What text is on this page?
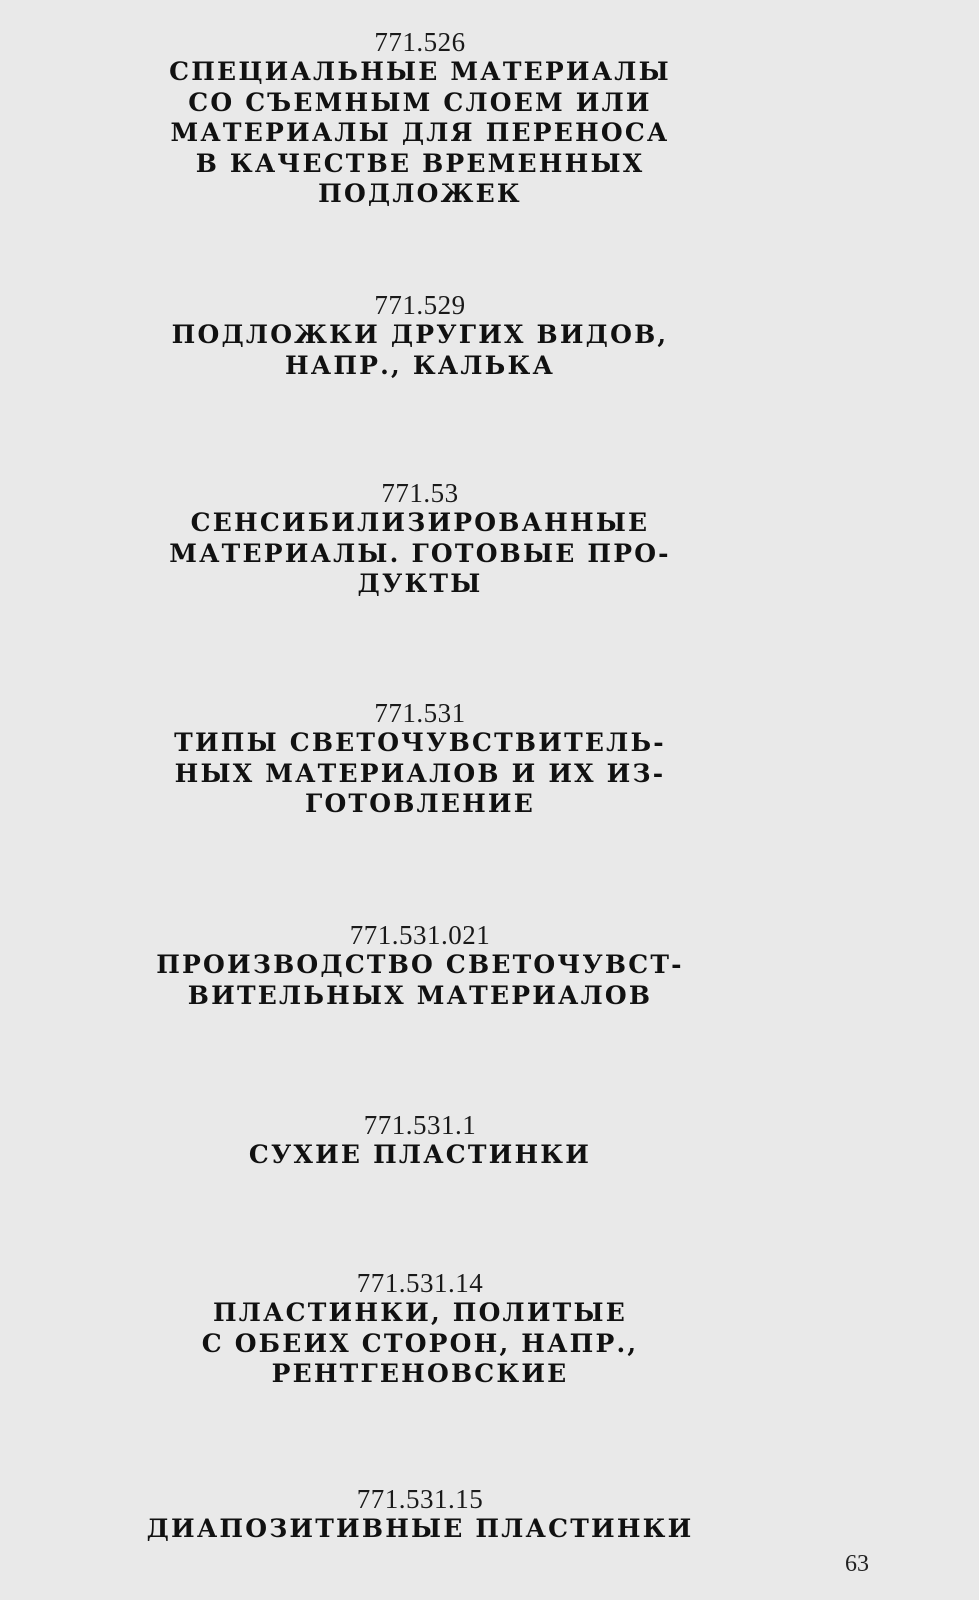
771.526
СПЕЦИАЛЬНЫЕ МАТЕРИАЛЫ
СО СЪЕМНЫМ СЛОЕМ ИЛИ
МАТЕРИАЛЫ ДЛЯ ПЕРЕНОСА
В КАЧЕСТВЕ ВРЕМЕННЫХ
ПОДЛОЖЕК
771.529
ПОДЛОЖКИ ДРУГИХ ВИДОВ,
НАПР., КАЛЬКА
771.53
СЕНСИБИЛИЗИРОВАННЫЕ
МАТЕРИАЛЫ. ГОТОВЫЕ ПРО-
ДУКТЫ
771.531
ТИПЫ СВЕТОЧУВСТВИТЕЛЬ-
НЫХ МАТЕРИАЛОВ И ИХ ИЗ-
ГОТОВЛЕНИЕ
771.531.021
ПРОИЗВОДСТВО СВЕТОЧУВСТ-
ВИТЕЛЬНЫХ МАТЕРИАЛОВ
771.531.1
СУХИЕ ПЛАСТИНКИ
771.531.14
ПЛАСТИНКИ, ПОЛИТЫЕ
С ОБЕИХ СТОРОН, НАПР.,
РЕНТГЕНОВСКИЕ
771.531.15
ДИАПОЗИТИВНЫЕ ПЛАСТИНКИ
63
